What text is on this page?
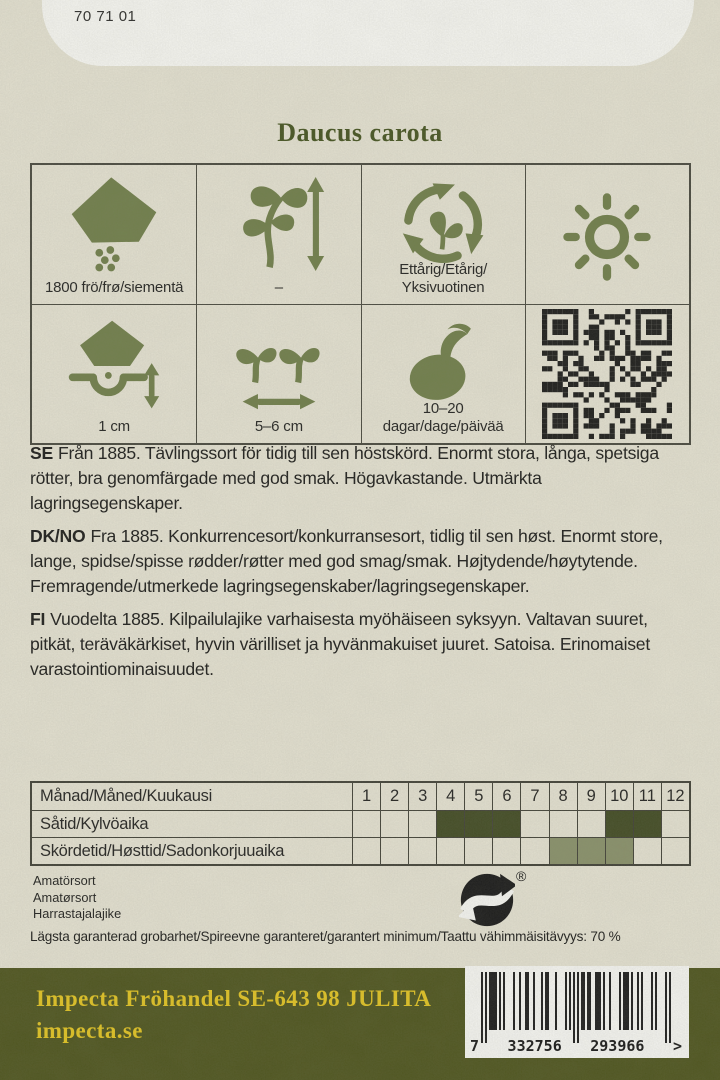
70 71 01
Daucus carota
1800 frö/frø/siementä	–
Ettårig/Etårig/
Yksivuotinen
1 cm	5–6 cm
10–20
dagar/dage/päivää

SE Från 1885. Tävlingssort för tidig till sen höstskörd. Enormt stora, långa, spetsiga rötter, bra genomfärgade med god smak. Högavkastande. Utmärkta lagringsegenskaper.

DK/NO Fra 1885. Konkurrencesort/konkurransesort, tidlig til sen høst. Enormt store, lange, spidse/spisse rødder/røtter med god smag/smak. Højtydende/høytytende. Fremragende/utmerkede lagringsegenskaber/lagringsegenskaper.

FI Vuodelta 1885. Kilpailulajike varhaisesta myöhäiseen syksyyn. Valtavan suuret, pitkät, teräväkärkiset, hyvin värilliset ja hyvänmakuiset juuret. Satoisa. Erinomaiset varastointiominaisuudet.

Månad/Måned/Kuukausi	1	2	3	4	5	6	7	8	9 10 11 12
Såtid/Kylvöaika
Skördetid/Høsttid/Sadonkorjuuaika
Amatörsort
Amatørsort
Harrastajalajike
®
Lägsta garanterad grobarhet/Spireevne garanteret/garantert minimum/Taattu vähimmäisitävyys: 70 %
Impecta Fröhandel SE-643 98 JULITA
impecta.se
7 332756 293966 >
